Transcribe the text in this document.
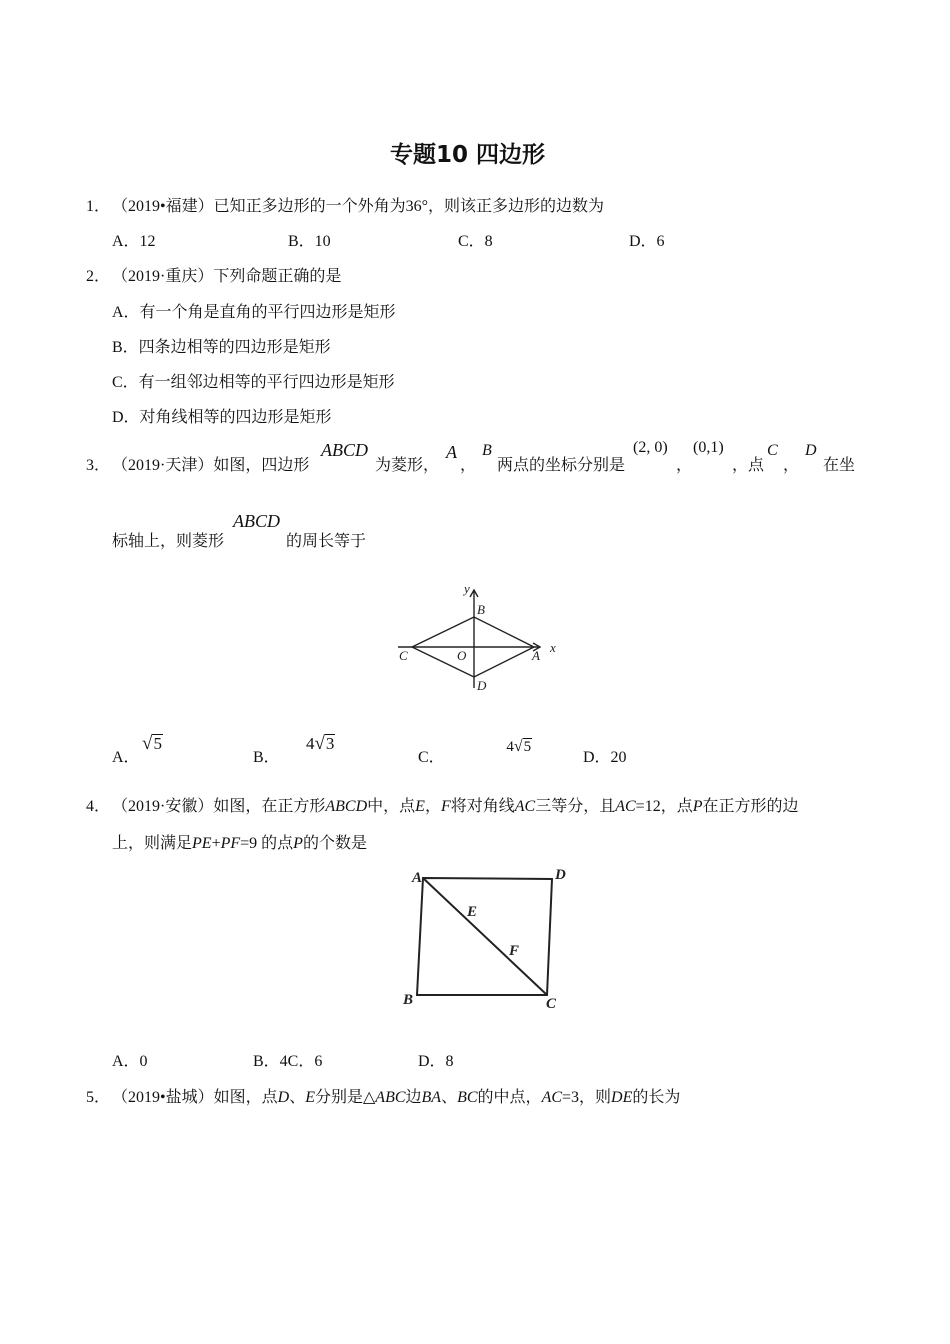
专题10 四边形
1． （2019•福建）已知正多边形的一个外角为36°，则该正多边形的边数为
A．12	B．10	C．8	D．6
2． （2019·重庆）下列命题正确的是
A．有一个角是直角的平行四边形是矩形
B．四条边相等的四边形是矩形
C．有一组邻边相等的平行四边形是矩形
D．对角线相等的四边形是矩形
3． （2019·天津）如图，四边形
ABCD
为菱形，
A
，
B
两点的坐标分别是
(2, 0)
，
(0,1)
，点
C
，
D
在坐
标轴上，则菱形
ABCD
的周长等于
y
x
B
O	A
C
D
A．
√5
B．
4√3
C．
4√5
D．20
4． （2019·安徽）如图，在正方形ABCD中，点E，F将对角线AC三等分，且AC=12，点P在正方形的边
上，则满足PE+PF=9 的点P的个数是
A	D
E
F
B	C
A．0	B．4C．6	D．8
5． （2019•盐城）如图，点D、E分别是△ABC边BA、BC的中点，AC=3，则DE的长为
